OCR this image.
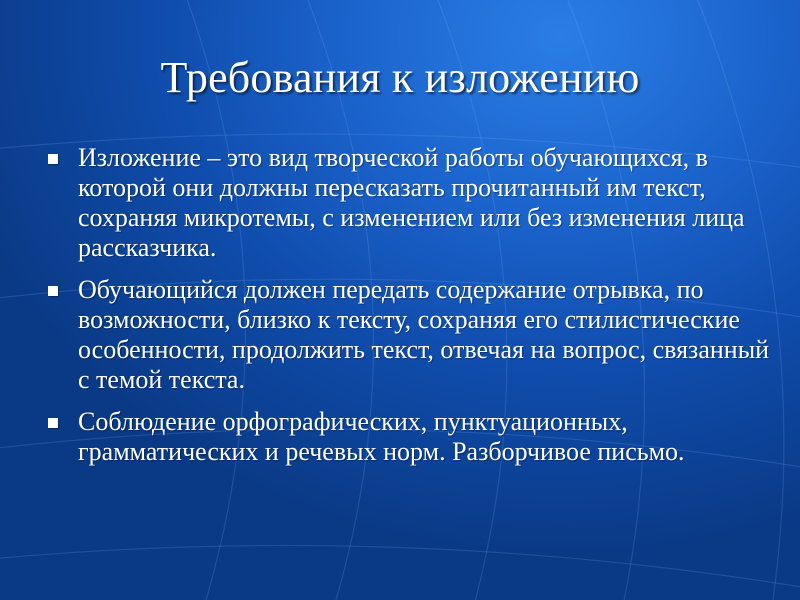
Требования к изложению
Изложение – это вид творческой работы обучающихся, в которой они должны пересказать прочитанный им текст, сохраняя микротемы, с изменением или без изменения лица рассказчика.
Обучающийся должен передать содержание отрывка, по возможности, близко к тексту, сохраняя его стилистические особенности, продолжить текст, отвечая на вопрос, связанный с темой текста.
Соблюдение орфографических, пунктуационных, грамматических и речевых норм. Разборчивое письмо.
